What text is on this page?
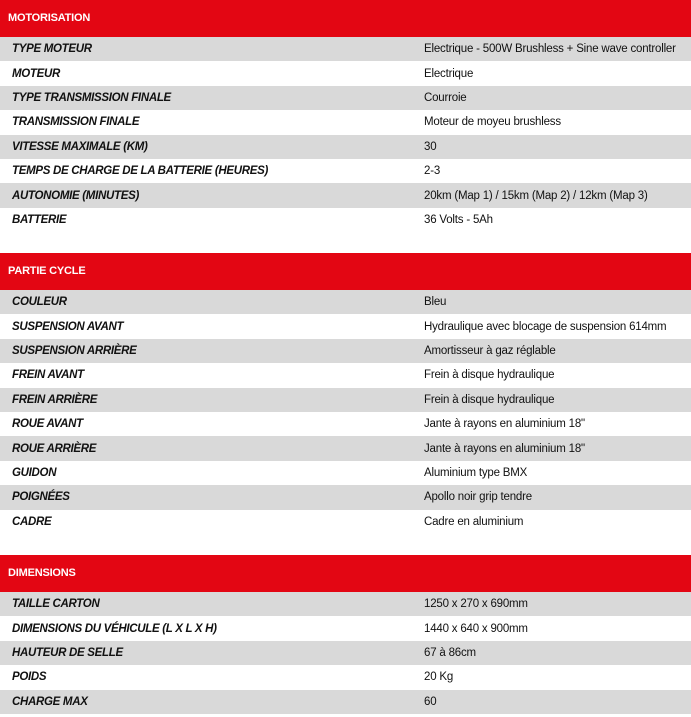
MOTORISATION
TYPE MOTEUR	Electrique - 500W Brushless + Sine wave controller
MOTEUR	Electrique
TYPE TRANSMISSION FINALE	Courroie
TRANSMISSION FINALE	Moteur de moyeu brushless
VITESSE MAXIMALE (KM)	30
TEMPS DE CHARGE DE LA BATTERIE (HEURES)	2-3
AUTONOMIE (MINUTES)	20km (Map 1) / 15km (Map 2) / 12km (Map 3)
BATTERIE	36 Volts - 5Ah
PARTIE CYCLE
COULEUR	Bleu
SUSPENSION AVANT	Hydraulique avec blocage de suspension 614mm
SUSPENSION ARRIÈRE	Amortisseur à gaz réglable
FREIN AVANT	Frein à disque hydraulique
FREIN ARRIÈRE	Frein à disque hydraulique
ROUE AVANT	Jante à rayons en aluminium 18"
ROUE ARRIÈRE	Jante à rayons en aluminium 18"
GUIDON	Aluminium type BMX
POIGNÉES	Apollo noir grip tendre
CADRE	Cadre en aluminium
DIMENSIONS
TAILLE CARTON	1250 x 270 x 690mm
DIMENSIONS DU VÉHICULE (L X L X H)	1440 x 640 x 900mm
HAUTEUR DE SELLE	67 à 86cm
POIDS	20 Kg
CHARGE MAX	60
